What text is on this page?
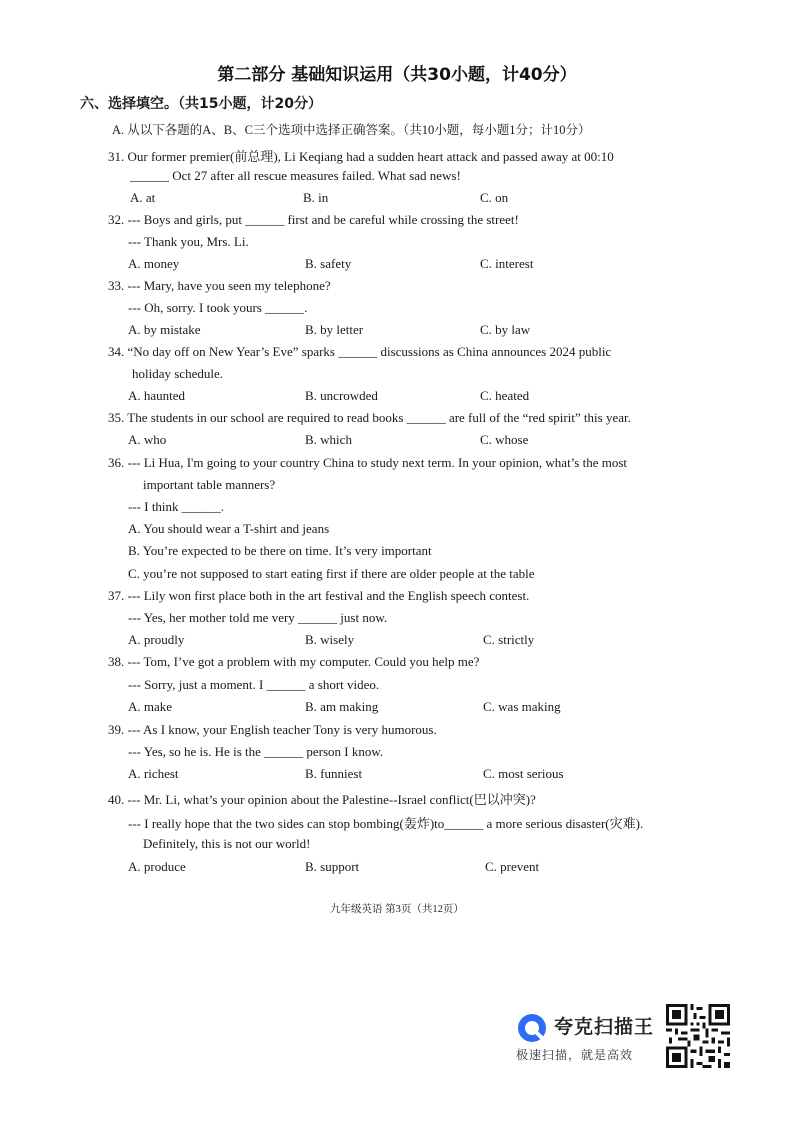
第二部分 基础知识运用（共30小题，计40分）
六、选择填空。（共15小题，计20分）
A. 从以下各题的A、B、C三个选项中选择正确答案。（共10小题，每小题1分；计10分）
31. Our former premier(前总理), Li Keqiang had a sudden heart attack and passed away at 00:10
______ Oct 27 after all rescue measures failed. What sad news!
A. at	B. in	C. on
32. --- Boys and girls, put ______ first and be careful while crossing the street!
--- Thank you, Mrs. Li.
A. money	B. safety	C. interest
33. --- Mary, have you seen my telephone?
--- Oh, sorry. I took yours ______.
A. by mistake	B. by letter	C. by law
34. “No day off on New Year’s Eve” sparks ______ discussions as China announces 2024 public
holiday schedule.
A. haunted	B. uncrowded	C. heated
35. The students in our school are required to read books ______ are full of the “red spirit” this year.
A. who	B. which	C. whose
36. --- Li Hua, I'm going to your country China to study next term. In your opinion, what’s the most
important table manners?
--- I think ______.
A. You should wear a T-shirt and jeans
B. You’re expected to be there on time. It’s very important
C. you’re not supposed to start eating first if there are older people at the table
37. --- Lily won first place both in the art festival and the English speech contest.
--- Yes, her mother told me very ______ just now.
A. proudly	B. wisely	C. strictly
38. --- Tom, I’ve got a problem with my computer. Could you help me?
--- Sorry, just a moment. I ______ a short video.
A. make	B. am making	C. was making
39. --- As I know, your English teacher Tony is very humorous.
--- Yes, so he is. He is the ______ person I know.
A. richest	B. funniest	C. most serious
40. --- Mr. Li, what’s your opinion about the Palestine--Israel conflict(巴以冲突)?
--- I really hope that the two sides can stop bombing(轰炸)to______ a more serious disaster(灾难).
Definitely, this is not our world!
A. produce	B. support	C. prevent
九年级英语 第3页（共12页）
夸克扫描王
极速扫描，就是高效
